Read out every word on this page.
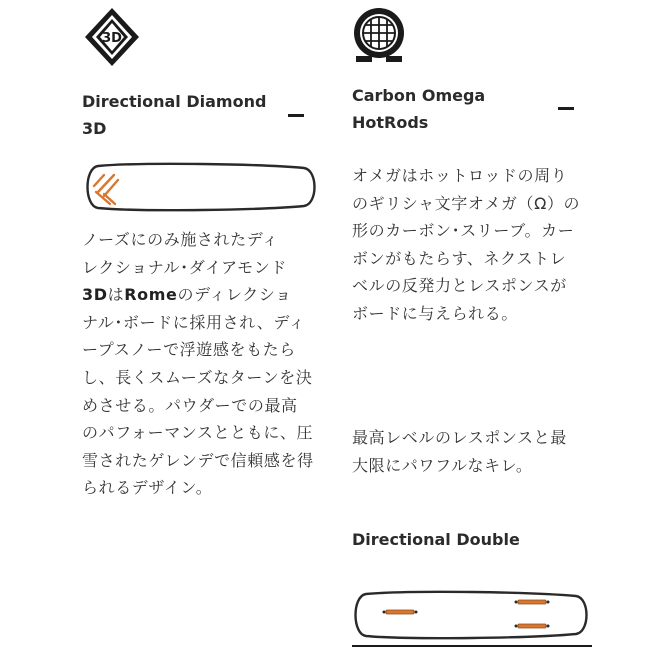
3D
Directional Diamond
3D
ノーズにのみ施されたディ
レクショナル･ダイアモンド
3DはRomeのディレクショ
ナル･ボードに採用され、ディープスノーで浮遊感をもたらし、長くスムーズなターンを決めさせる。パウダーでの最高のパフォーマンスとともに、圧雪されたゲレンデで信頼感を得られるデザイン。
Carbon Omega
HotRods
オメガはホットロッドの周りのギリシャ文字オメガ（Ω）の形のカーボン･スリーブ。カーボンがもたらす、ネクストレベルの反発力とレスポンスがボードに与えられる。
最高レベルのレスポンスと最大限にパワフルなキレ。
Directional Double
